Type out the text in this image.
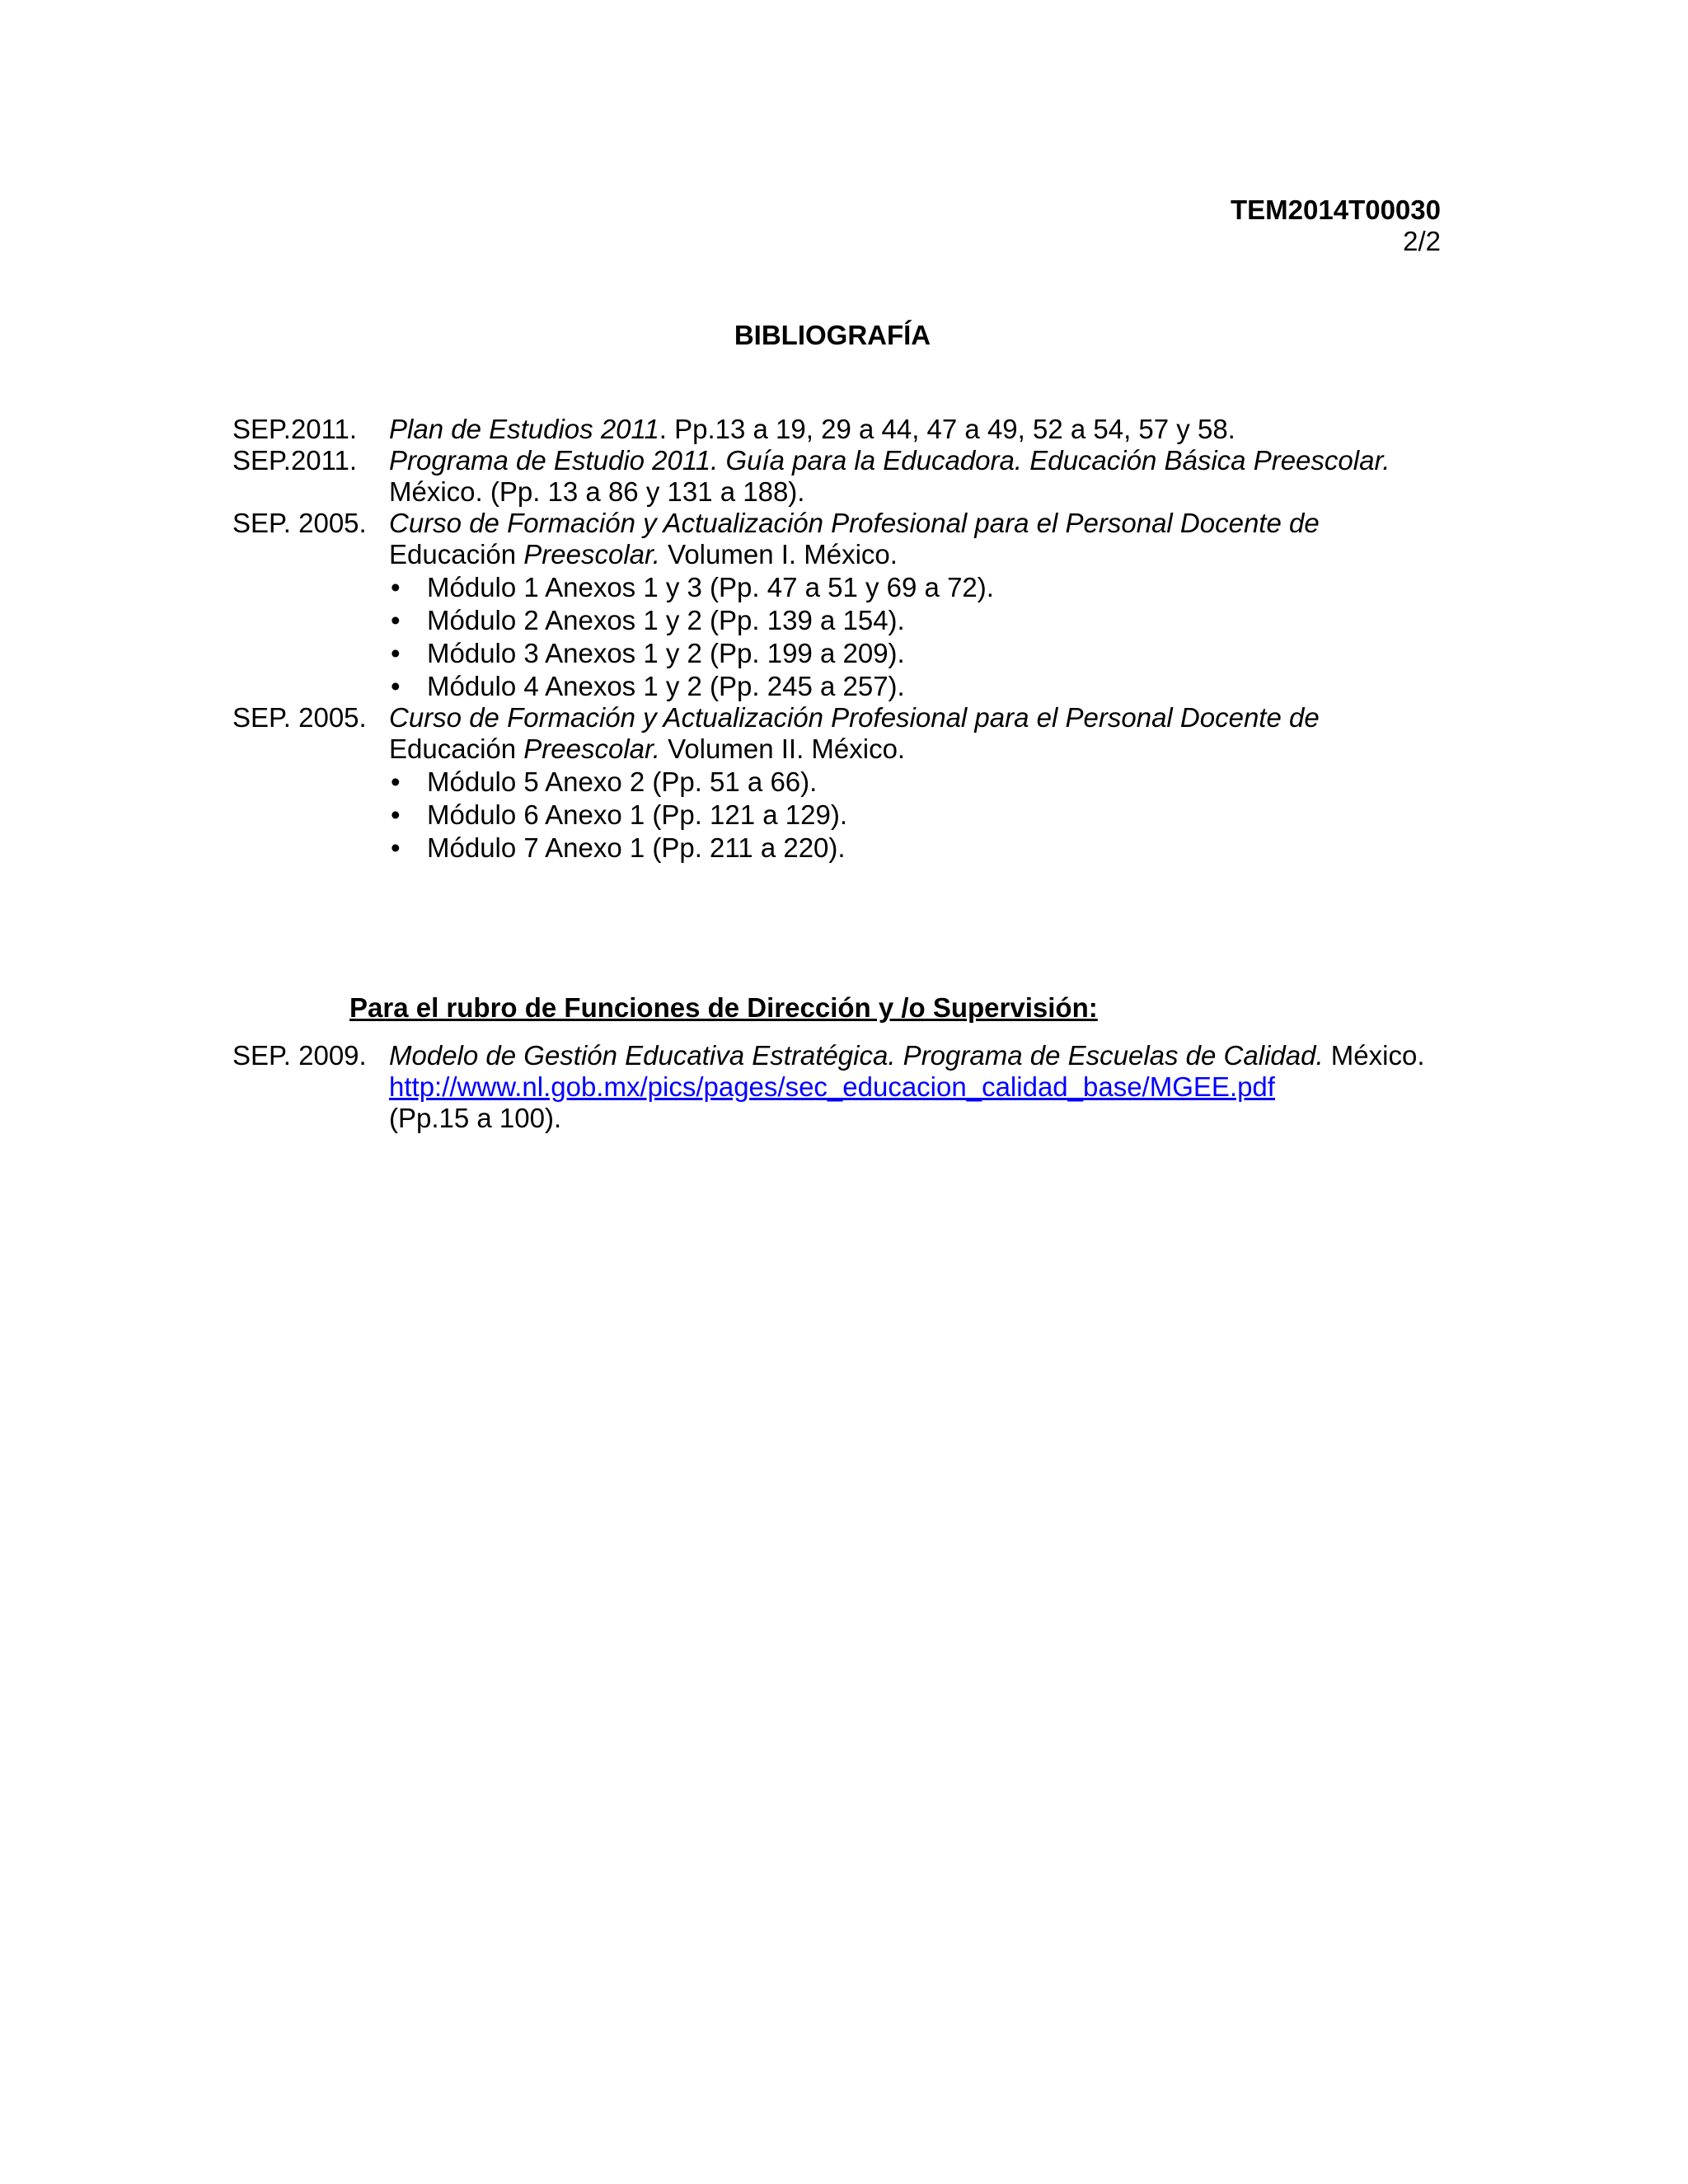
TEM2014T00030
2/2
BIBLIOGRAFÍA
SEP.2011.	Plan de Estudios 2011. Pp.13 a 19, 29 a 44, 47 a 49, 52 a 54, 57 y 58.
SEP.2011.	Programa de Estudio 2011. Guía para la Educadora. Educación Básica Preescolar.
México. (Pp. 13 a 86 y 131 a 188).
SEP. 2005. Curso de Formación y Actualización Profesional para el Personal Docente de
Educación Preescolar. Volumen I. México.
• Módulo 1 Anexos 1 y 3 (Pp. 47 a 51 y 69 a 72).
• Módulo 2 Anexos 1 y 2 (Pp. 139 a 154).
• Módulo 3 Anexos 1 y 2 (Pp. 199 a 209).
• Módulo 4 Anexos 1 y 2 (Pp. 245 a 257).
SEP. 2005. Curso de Formación y Actualización Profesional para el Personal Docente de
Educación Preescolar. Volumen II. México.
• Módulo 5 Anexo 2 (Pp. 51 a 66).
• Módulo 6 Anexo 1 (Pp. 121 a 129).
• Módulo 7 Anexo 1 (Pp. 211 a 220).
Para el rubro de Funciones de Dirección y /o Supervisión:
SEP. 2009. Modelo de Gestión Educativa Estratégica. Programa de Escuelas de Calidad. México.
http://www.nl.gob.mx/pics/pages/sec_educacion_calidad_base/MGEE.pdf
(Pp.15 a 100).
